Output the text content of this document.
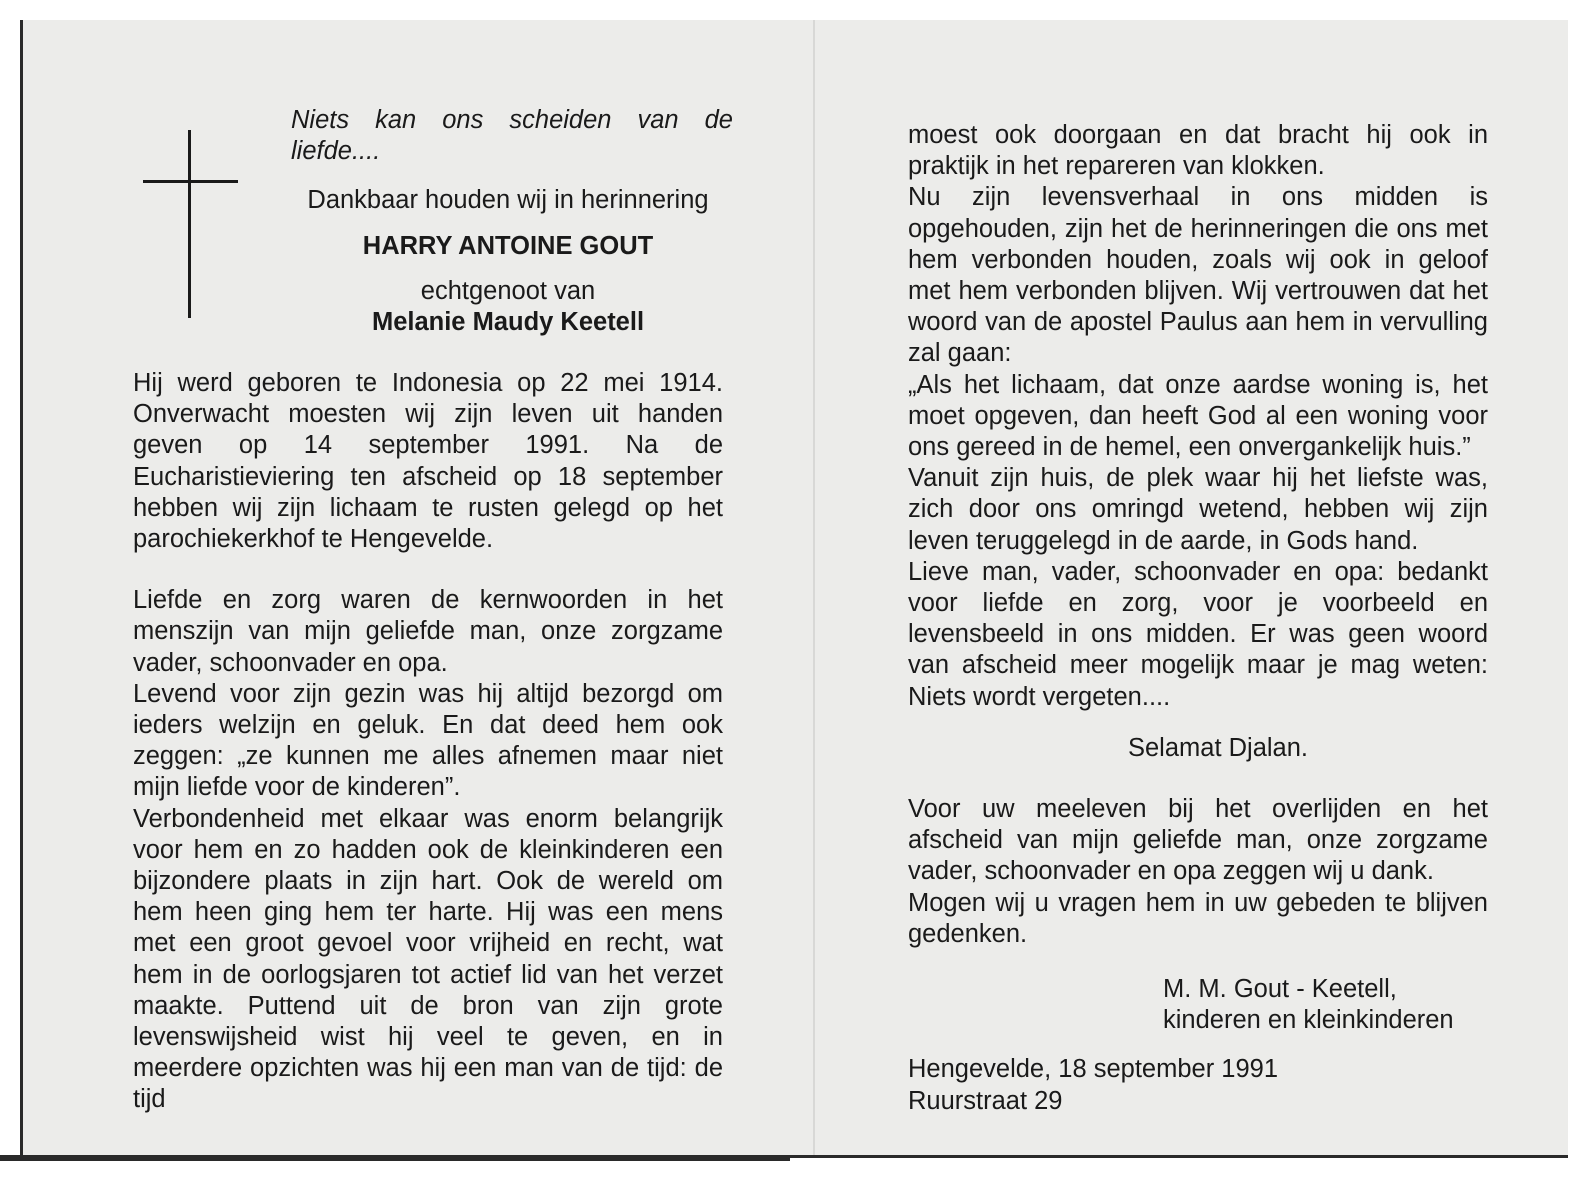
Niets kan ons scheiden van de liefde....

Dankbaar houden wij in herinnering

HARRY ANTOINE GOUT

echtgenoot van

Melanie Maudy Keetell

Hij werd geboren te Indonesia op 22 mei 1914. Onverwacht moesten wij zijn leven uit handen geven op 14 september 1991. Na de Eucharistieviering ten afscheid op 18 september hebben wij zijn lichaam te rusten gelegd op het parochiekerkhof te Hengevelde.

Liefde en zorg waren de kernwoorden in het menszijn van mijn geliefde man, onze zorgzame vader, schoonvader en opa.

Levend voor zijn gezin was hij altijd bezorgd om ieders welzijn en geluk. En dat deed hem ook zeggen: „ze kunnen me alles afnemen maar niet mijn liefde voor de kinderen”.

Verbondenheid met elkaar was enorm belangrijk voor hem en zo hadden ook de kleinkinderen een bijzondere plaats in zijn hart. Ook de wereld om hem heen ging hem ter harte. Hij was een mens met een groot gevoel voor vrijheid en recht, wat hem in de oorlogsjaren tot actief lid van het verzet maakte. Puttend uit de bron van zijn grote levenswijsheid wist hij veel te geven, en in meerdere opzichten was hij een man van de tijd: de tijd

moest ook doorgaan en dat bracht hij ook in praktijk in het repareren van klokken.

Nu zijn levensverhaal in ons midden is opgehouden, zijn het de herinneringen die ons met hem verbonden houden, zoals wij ook in geloof met hem verbonden blijven. Wij vertrouwen dat het woord van de apostel Paulus aan hem in vervulling zal gaan:

„Als het lichaam, dat onze aardse woning is, het moet opgeven, dan heeft God al een woning voor ons gereed in de hemel, een onvergankelijk huis.”

Vanuit zijn huis, de plek waar hij het liefste was, zich door ons omringd wetend, hebben wij zijn leven teruggelegd in de aarde, in Gods hand.

Lieve man, vader, schoonvader en opa: bedankt voor liefde en zorg, voor je voorbeeld en levensbeeld in ons midden. Er was geen woord van afscheid meer mogelijk maar je mag weten: Niets wordt vergeten....

Selamat Djalan.

Voor uw meeleven bij het overlijden en het afscheid van mijn geliefde man, onze zorgzame vader, schoonvader en opa zeggen wij u dank.

Mogen wij u vragen hem in uw gebeden te blijven gedenken.

M. M. Gout - Keetell,

kinderen en kleinkinderen

Hengevelde, 18 september 1991

Ruurstraat 29
